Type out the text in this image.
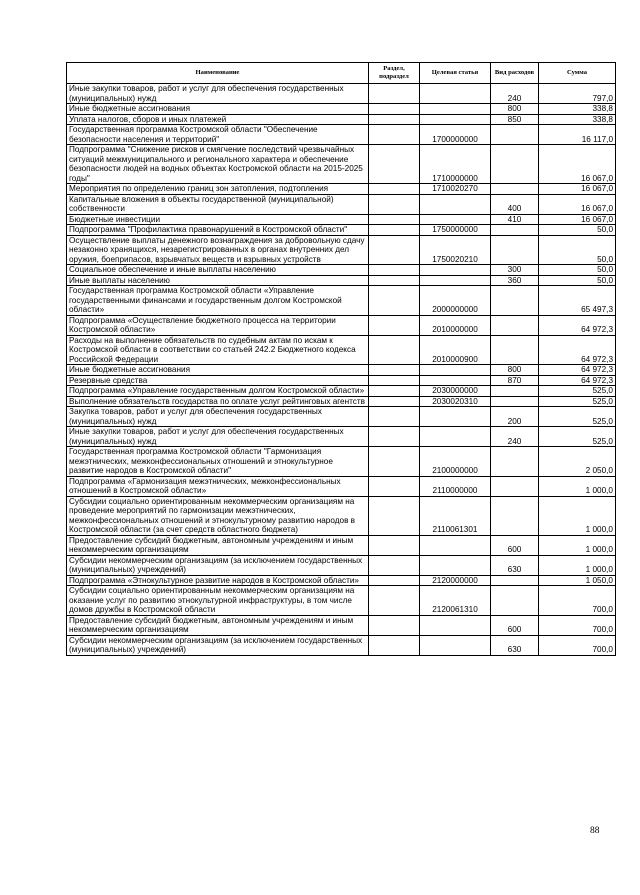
Наименование	Раздел, подраздел	Целевая статья	Вид расходов	Сумма
Иные закупки товаров, работ и услуг для обеспечения государственных (муниципальных) нужд			240	797,0
Иные бюджетные ассигнования			800	338,8
Уплата налогов, сборов и иных платежей			850	338,8
Государственная программа Костромской области "Обеспечение безопасности населения и территорий"		1700000000		16 117,0
Подпрограмма "Снижение рисков и смягчение последствий чрезвычайных ситуаций межмуниципального и регионального характера и обеспечение безопасности людей на водных объектах Костромской области на 2015-2025 годы"		1710000000		16 067,0
Мероприятия по определению границ зон затопления, подтопления		1710020270		16 067,0
Капитальные вложения в объекты государственной (муниципальной) собственности			400	16 067,0
Бюджетные инвестиции			410	16 067,0
Подпрограмма "Профилактика правонарушений в Костромской области"		1750000000		50,0
Осуществление выплаты денежного вознаграждения за добровольную сдачу незаконно хранящихся, незарегистрированных в органах внутренних дел оружия, боеприпасов, взрывчатых веществ и взрывных устройств		1750020210		50,0
Социальное обеспечение и иные выплаты населению			300	50,0
Иные выплаты населению			360	50,0
Государственная программа Костромской области «Управление государственными финансами и государственным долгом Костромской области»		2000000000		65 497,3
Подпрограмма «Осуществление бюджетного процесса на территории Костромской области»		2010000000		64 972,3
Расходы на выполнение обязательств по судебным актам по искам к Костромской области в соответствии со статьей 242.2 Бюджетного кодекса Российской Федерации		2010000900		64 972,3
Иные бюджетные ассигнования			800	64 972,3
Резервные средства			870	64 972,3
Подпрограмма «Управление государственным долгом Костромской области»		2030000000		525,0
Выполнение обязательств государства по оплате услуг рейтинговых агентств		2030020310		525,0
Закупка товаров, работ и услуг для обеспечения государственных (муниципальных) нужд			200	525,0
Иные закупки товаров, работ и услуг для обеспечения государственных (муниципальных) нужд			240	525,0
Государственная программа Костромской области "Гармонизация межэтнических, межконфессиональных отношений и этнокультурное развитие народов в Костромской области"		2100000000		2 050,0
Подпрограмма «Гармонизация межэтнических, межконфессиональных отношений в Костромской области»		2110000000		1 000,0
Субсидии социально ориентированным некоммерческим организациям на проведение мероприятий по гармонизации межэтнических, межконфессиональных отношений и этнокультурному развитию народов в Костромской области (за счет средств областного бюджета)		2110061301		1 000,0
Предоставление субсидий бюджетным, автономным учреждениям и иным некоммерческим организациям			600	1 000,0
Субсидии некоммерческим организациям (за исключением государственных (муниципальных) учреждений)			630	1 000,0
Подпрограмма «Этнокультурное развитие народов в Костромской области»		2120000000		1 050,0
Субсидии социально ориентированным некоммерческим организациям на оказание услуг по развитию этнокультурной инфраструктуры, в том числе домов дружбы в Костромской области		2120061310		700,0
Предоставление субсидий бюджетным, автономным учреждениям и иным некоммерческим организациям			600	700,0
Субсидии некоммерческим организациям (за исключением государственных (муниципальных) учреждений)			630	700,0
88
